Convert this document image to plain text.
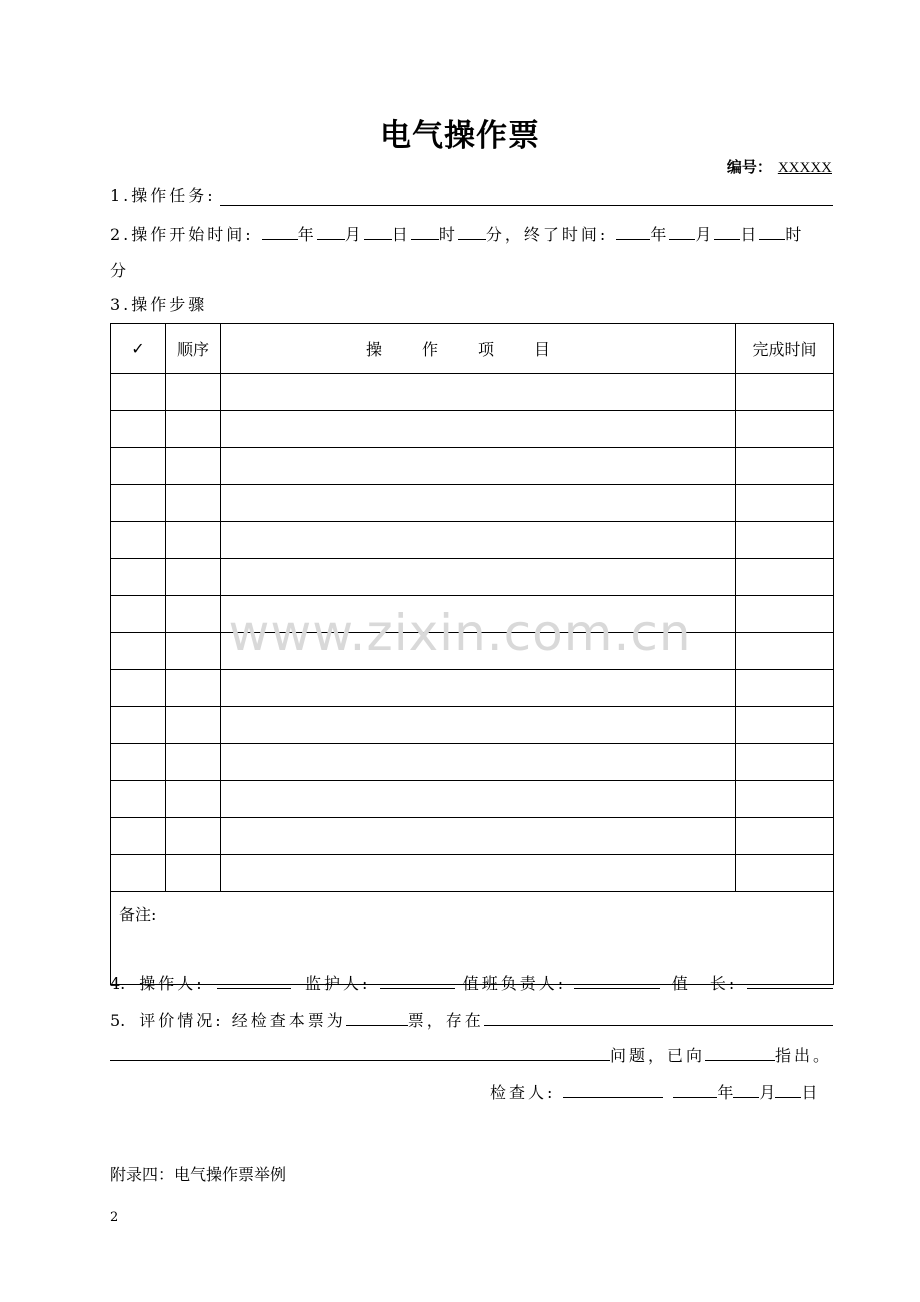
电气操作票
编号： XXXXX
1.操作任务:
2.操作开始时间:	年 月 日 时 分，终了时间:	年 月 日 时
分
3.操作步骤
✓	顺序	操作项目	完成时间

备注:			
www.zixin.com.cn
4. 操作人:	监护人:	值班负责人:	值　长:
5. 评价情况: 经检查本票为	票，存在
问题，已向	指出。
检查人:	年 月 日
附录四：电气操作票举例
2
